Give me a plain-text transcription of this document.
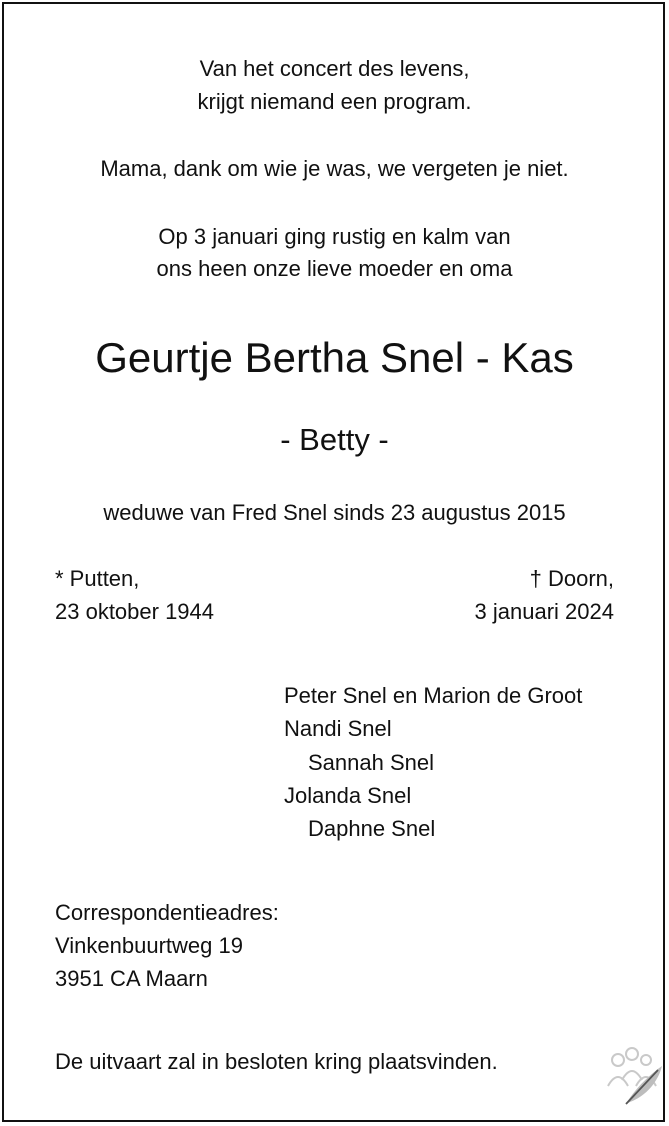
Van het concert des levens,
krijgt niemand een program.
Mama, dank om wie je was, we vergeten je niet.
Op 3 januari ging rustig en kalm van
ons heen onze lieve moeder en oma
Geurtje Bertha Snel - Kas
- Betty -
weduwe van Fred Snel sinds 23 augustus 2015
* Putten,
23 oktober 1944
† Doorn,
3 januari 2024
Peter Snel en Marion de Groot
Nandi Snel
Sannah Snel
Jolanda Snel
Daphne Snel
Correspondentieadres:
Vinkenbuurtweg 19
3951 CA Maarn
De uitvaart zal in besloten kring plaatsvinden.
